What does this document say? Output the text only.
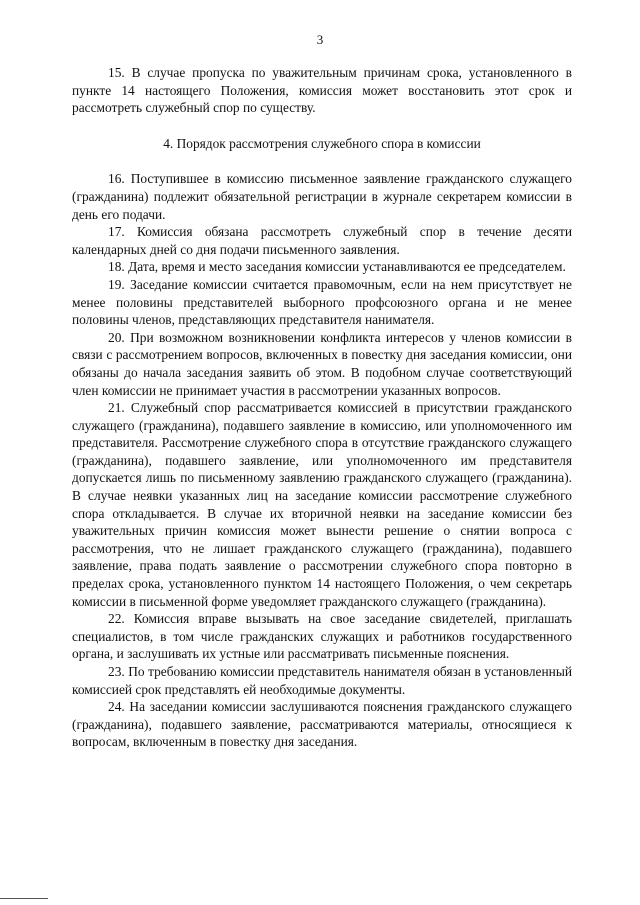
3

15. В случае пропуска по уважительным причинам срока, установленного в пункте 14 настоящего Положения, комиссия может восстановить этот срок и рассмотреть служебный спор по существу.

4. Порядок рассмотрения служебного спора в комиссии

16. Поступившее в комиссию письменное заявление гражданского служащего (гражданина) подлежит обязательной регистрации в журнале секретарем комиссии в день его подачи.

17. Комиссия обязана рассмотреть служебный спор в течение десяти календарных дней со дня подачи письменного заявления.

18. Дата, время и место заседания комиссии устанавливаются ее председателем.

19. Заседание комиссии считается правомочным, если на нем присутствует не менее половины представителей выборного профсоюзного органа и не менее половины членов, представляющих представителя нанимателя.

20. При возможном возникновении конфликта интересов у членов комиссии в связи с рассмотрением вопросов, включенных в повестку дня заседания комиссии, они обязаны до начала заседания заявить об этом. В подобном случае соответствующий член комиссии не принимает участия в рассмотрении указанных вопросов.

21. Служебный спор рассматривается комиссией в присутствии гражданского служащего (гражданина), подавшего заявление в комиссию, или уполномоченного им представителя. Рассмотрение служебного спора в отсутствие гражданского служащего (гражданина), подавшего заявление, или уполномоченного им представителя допускается лишь по письменному заявлению гражданского служащего (гражданина). В случае неявки указанных лиц на заседание комиссии рассмотрение служебного спора откладывается. В случае их вторичной неявки на заседание комиссии без уважительных причин комиссия может вынести решение о снятии вопроса с рассмотрения, что не лишает гражданского служащего (гражданина), подавшего заявление, права подать заявление о рассмотрении служебного спора повторно в пределах срока, установленного пунктом 14 настоящего Положения, о чем секретарь комиссии в письменной форме уведомляет гражданского служащего (гражданина).

22. Комиссия вправе вызывать на свое заседание свидетелей, приглашать специалистов, в том числе гражданских служащих и работников государственного органа, и заслушивать их устные или рассматривать письменные пояснения.

23. По требованию комиссии представитель нанимателя обязан в установленный комиссией срок представлять ей необходимые документы.

24. На заседании комиссии заслушиваются пояснения гражданского служащего (гражданина), подавшего заявление, рассматриваются материалы, относящиеся к вопросам, включенным в повестку дня заседания.
